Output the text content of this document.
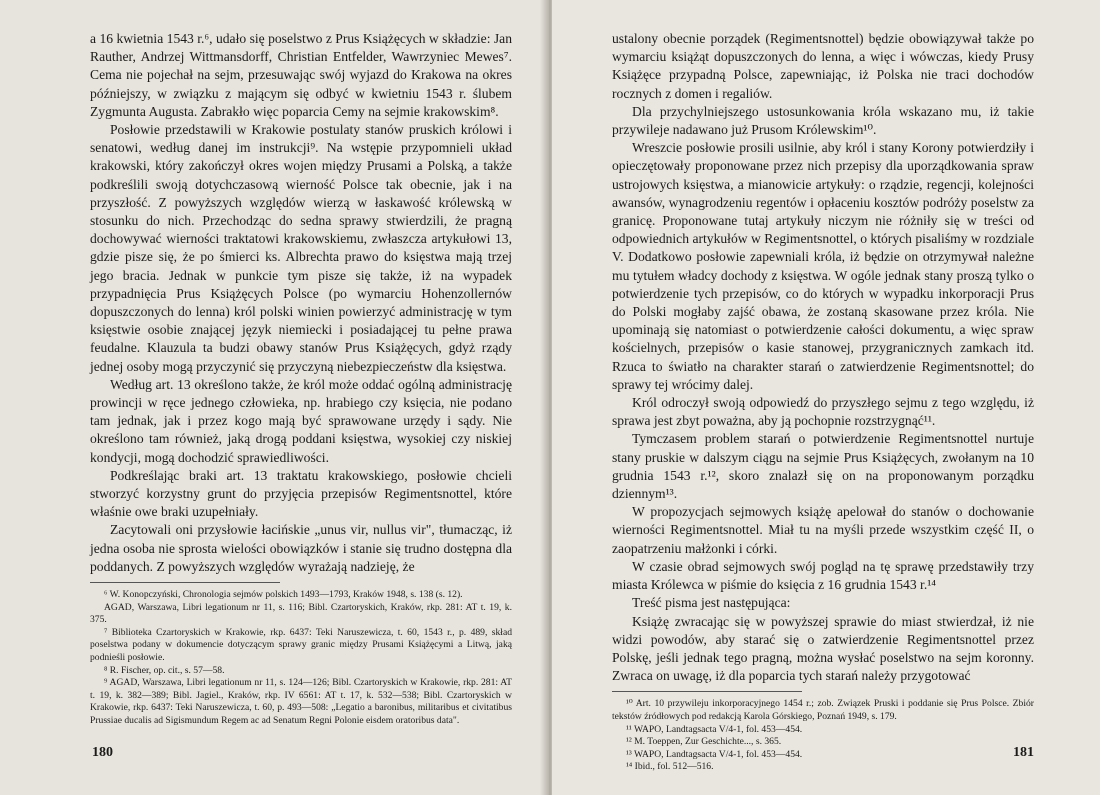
a 16 kwietnia 1543 r.⁶, udało się poselstwo z Prus Książęcych w składzie: Jan Rauther, Andrzej Wittmansdorff, Christian Entfelder, Wawrzyniec Mewes⁷. Cema nie pojechał na sejm, przesuwając swój wyjazd do Krakowa na okres późniejszy, w związku z mającym się odbyć w kwietniu 1543 r. ślubem Zygmunta Augusta. Zabrakło więc poparcia Cemy na sejmie krakowskim⁸.

Posłowie przedstawili w Krakowie postulaty stanów pruskich królowi i senatowi, według danej im instrukcji⁹. Na wstępie przypomnieli układ krakowski, który zakończył okres wojen między Prusami a Polską, a także podkreślili swoją dotychczasową wierność Polsce tak obecnie, jak i na przyszłość. Z powyższych względów wierzą w łaskawość królewską w stosunku do nich. Przechodząc do sedna sprawy stwierdzili, że pragną dochowywać wierności traktatowi krakowskiemu, zwłaszcza artykułowi 13, gdzie pisze się, że po śmierci ks. Albrechta prawo do księstwa mają trzej jego bracia. Jednak w punkcie tym pisze się także, iż na wypadek przypadnięcia Prus Książęcych Polsce (po wymarciu Hohenzollernów dopuszczonych do lenna) król polski winien powierzyć administrację w tym księstwie osobie znającej język niemiecki i posiadającej tu pełne prawa feudalne. Klauzula ta budzi obawy stanów Prus Książęcych, gdyż rządy jednej osoby mogą przyczynić się przyczyną niebezpieczeństw dla księstwa.

Według art. 13 określono także, że król może oddać ogólną administrację prowincji w ręce jednego człowieka, np. hrabiego czy księcia, nie podano tam jednak, jak i przez kogo mają być sprawowane urzędy i sądy. Nie określono tam również, jaką drogą poddani księstwa, wysokiej czy niskiej kondycji, mogą dochodzić sprawiedliwości.

Podkreślając braki art. 13 traktatu krakowskiego, posłowie chcieli stworzyć korzystny grunt do przyjęcia przepisów Regimentsnottel, które właśnie owe braki uzupełniały.

Zacytowali oni przysłowie łacińskie „unus vir, nullus vir", tłumacząc, iż jedna osoba nie sprosta wielości obowiązków i stanie się trudno dostępna dla poddanych. Z powyższych względów wyrażają nadzieję, że

⁶ W. Konopczyński, Chronologia sejmów polskich 1493—1793, Kraków 1948, s. 138 (s. 12).

AGAD, Warszawa, Libri legationum nr 11, s. 116; Bibl. Czartoryskich, Kraków, rkp. 281: AT t. 19, k. 375.

⁷ Biblioteka Czartoryskich w Krakowie, rkp. 6437: Teki Naruszewicza, t. 60, 1543 r., p. 489, skład poselstwa podany w dokumencie dotyczącym sprawy granic między Prusami Książęcymi a Litwą, jaką podnieśli posłowie.

⁸ R. Fischer, op. cit., s. 57—58.

⁹ AGAD, Warszawa, Libri legationum nr 11, s. 124—126; Bibl. Czartoryskich w Krakowie, rkp. 281: AT t. 19, k. 382—389; Bibl. Jagiel., Kraków, rkp. IV 6561: AT t. 17, k. 532—538; Bibl. Czartoryskich w Krakowie, rkp. 6437: Teki Naruszewicza, t. 60, p. 493—508: „Legatio a baronibus, militaribus et civitatibus Prussiae ducalis ad Sigismundum Regem ac ad Senatum Regni Polonie eisdem oratoribus data".

180

ustalony obecnie porządek (Regimentsnottel) będzie obowiązywał także po wymarciu książąt dopuszczonych do lenna, a więc i wówczas, kiedy Prusy Książęce przypadną Polsce, zapewniając, iż Polska nie traci dochodów rocznych z domen i regaliów.

Dla przychylniejszego ustosunkowania króla wskazano mu, iż takie przywileje nadawano już Prusom Królewskim¹⁰.

Wreszcie posłowie prosili usilnie, aby król i stany Korony potwierdziły i opieczętowały proponowane przez nich przepisy dla uporządkowania spraw ustrojowych księstwa, a mianowicie artykuły: o rządzie, regencji, kolejności awansów, wynagrodzeniu regentów i opłaceniu kosztów podróży poselstw za granicę. Proponowane tutaj artykuły niczym nie różniły się w treści od odpowiednich artykułów w Regimentsnottel, o których pisaliśmy w rozdziale V. Dodatkowo posłowie zapewniali króla, iż będzie on otrzymywał należne mu tytułem władcy dochody z księstwa. W ogóle jednak stany proszą tylko o potwierdzenie tych przepisów, co do których w wypadku inkorporacji Prus do Polski mogłaby zajść obawa, że zostaną skasowane przez króla. Nie upominają się natomiast o potwierdzenie całości dokumentu, a więc spraw kościelnych, przepisów o kasie stanowej, przygranicznych zamkach itd. Rzuca to światło na charakter starań o zatwierdzenie Regimentsnottel; do sprawy tej wrócimy dalej.

Król odroczył swoją odpowiedź do przyszłego sejmu z tego względu, iż sprawa jest zbyt poważna, aby ją pochopnie rozstrzygnąć¹¹.

Tymczasem problem starań o potwierdzenie Regimentsnottel nurtuje stany pruskie w dalszym ciągu na sejmie Prus Książęcych, zwołanym na 10 grudnia 1543 r.¹², skoro znalazł się on na proponowanym porządku dziennym¹³.

W propozycjach sejmowych książę apelował do stanów o dochowanie wierności Regimentsnottel. Miał tu na myśli przede wszystkim część II, o zaopatrzeniu małżonki i córki.

W czasie obrad sejmowych swój pogląd na tę sprawę przedstawiły trzy miasta Królewca w piśmie do księcia z 16 grudnia 1543 r.¹⁴

Treść pisma jest następująca:

Książę zwracając się w powyższej sprawie do miast stwierdzał, iż nie widzi powodów, aby starać się o zatwierdzenie Regimentsnottel przez Polskę, jeśli jednak tego pragną, można wysłać poselstwo na sejm koronny. Zwraca on uwagę, iż dla poparcia tych starań należy przygotować

¹⁰ Art. 10 przywileju inkorporacyjnego 1454 r.; zob. Związek Pruski i poddanie się Prus Polsce. Zbiór tekstów źródłowych pod redakcją Karola Górskiego, Poznań 1949, s. 179.

¹¹ WAPO, Landtagsacta V/4-1, fol. 453—454.

¹² M. Toeppen, Zur Geschichte..., s. 365.

¹³ WAPO, Landtagsacta V/4-1, fol. 453—454.

¹⁴ Ibid., fol. 512—516.

181
